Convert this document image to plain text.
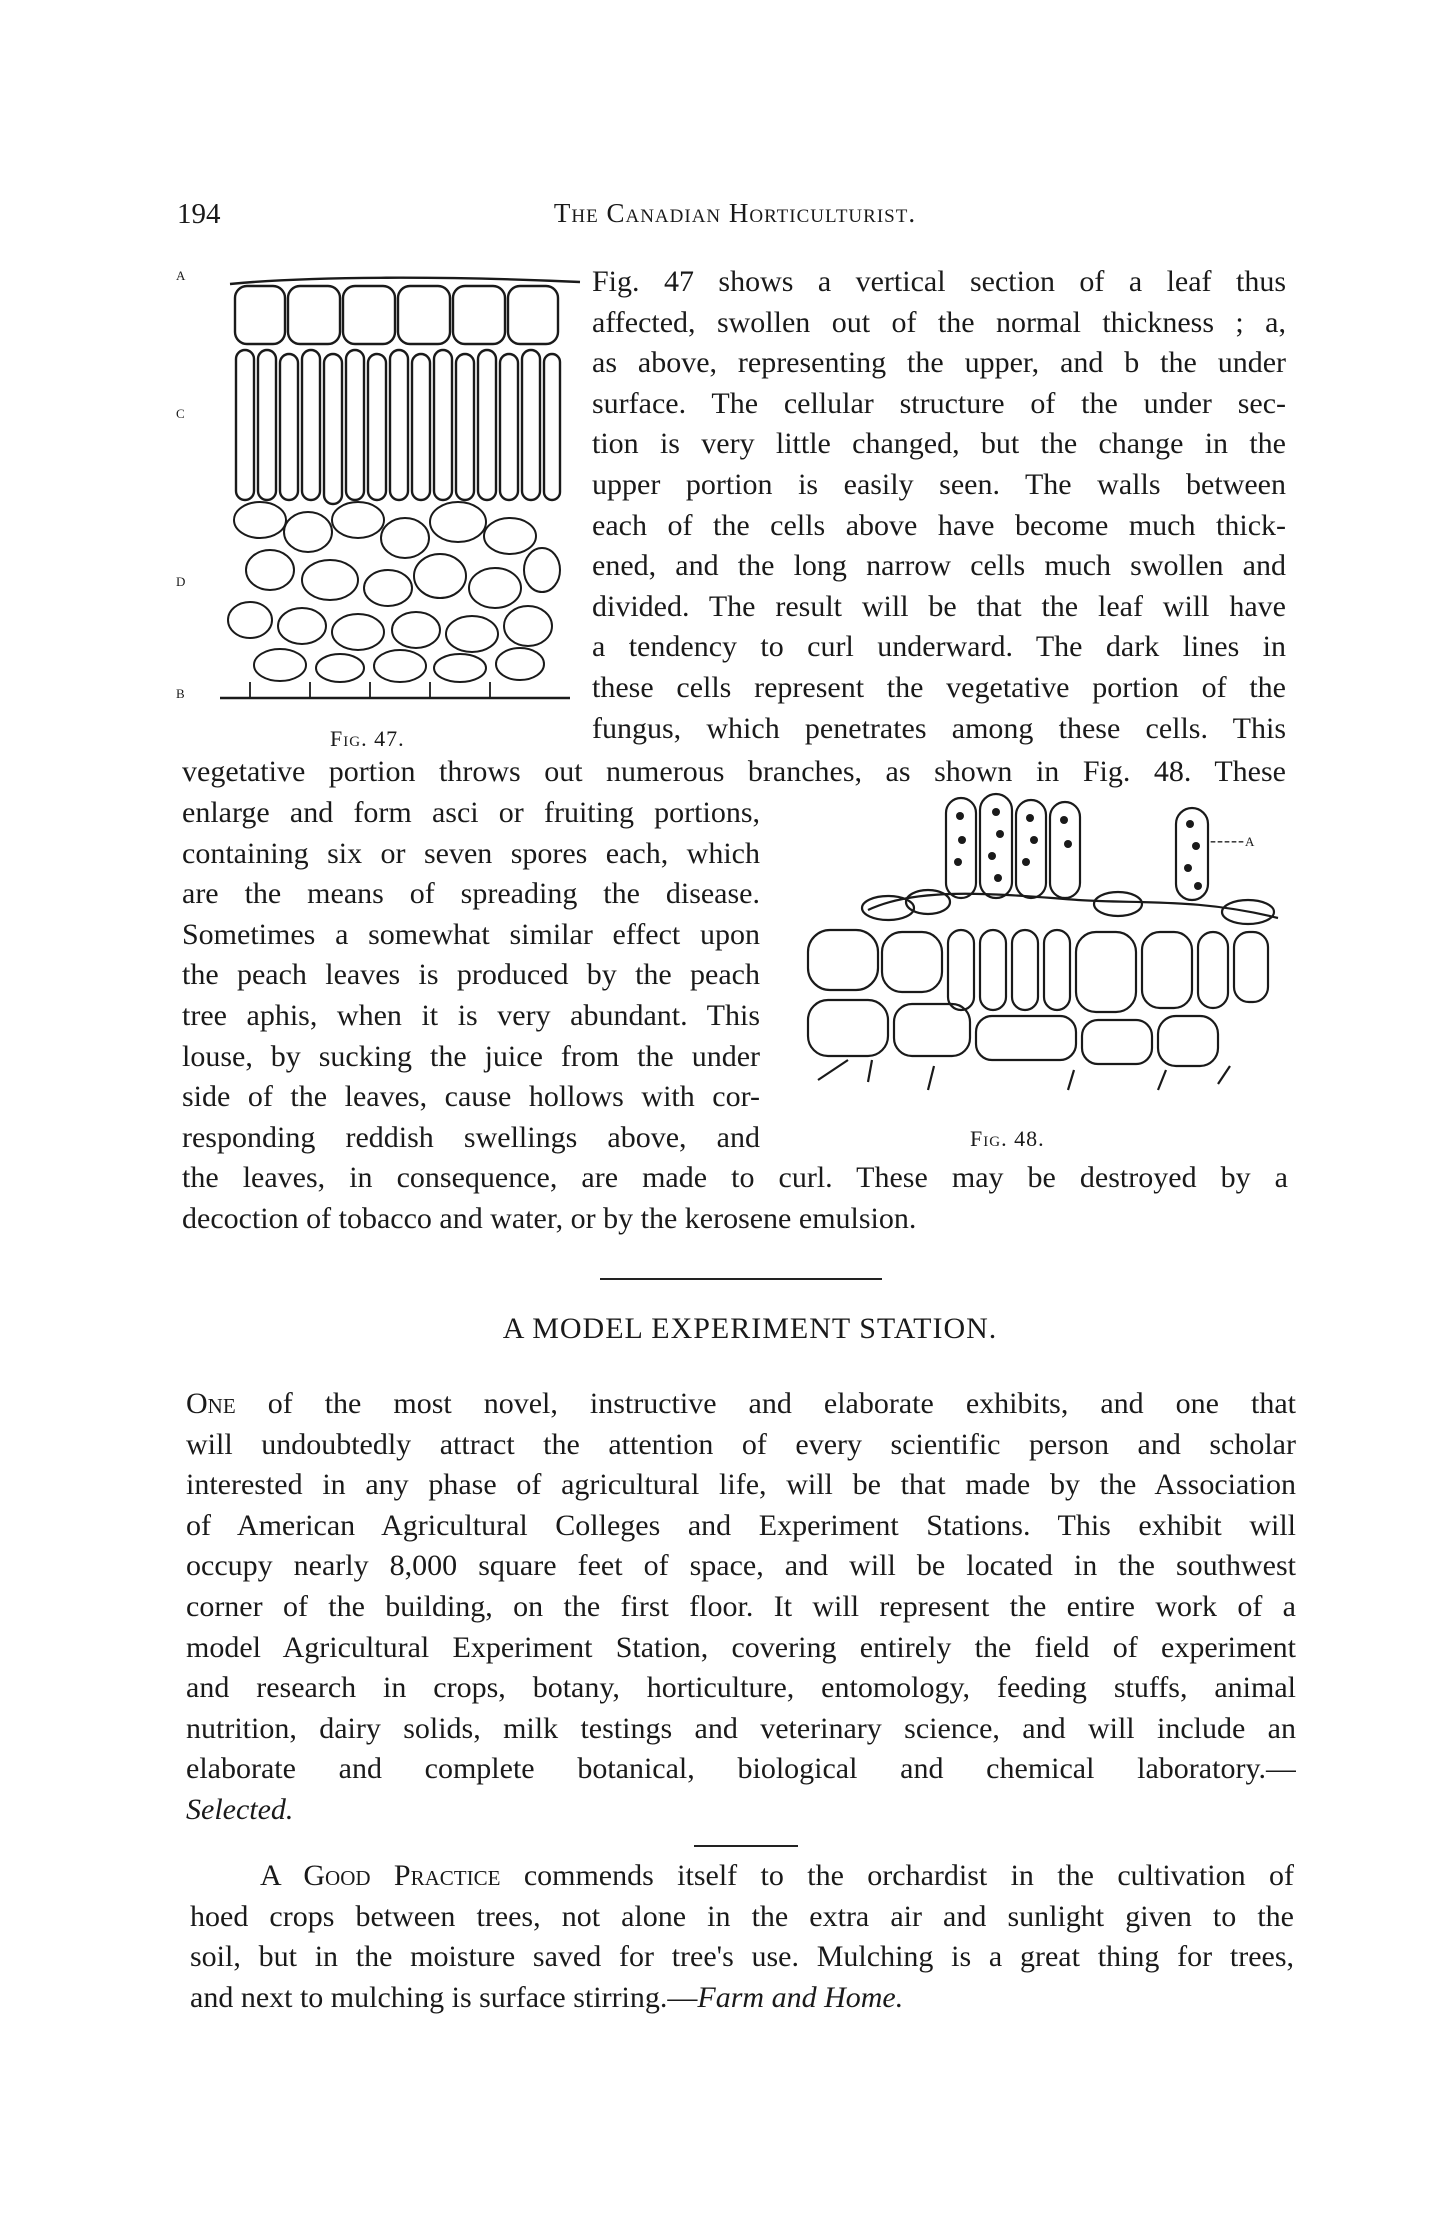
194	The Canadian Horticulturist.
a
c
d
b
Fig. 47.
Fig. 47 shows a vertical section of a leaf thus
affected, swollen out of the normal thickness ; a,
as above, representing the upper, and b the under
surface. The cellular structure of the under sec-
tion is very little changed, but the change in the
upper portion is easily seen. The walls between
each of the cells above have become much thick-
ened, and the long narrow cells much swollen and
divided. The result will be that the leaf will have
a tendency to curl underward. The dark lines in
these cells represent the vegetative portion of the
fungus, which penetrates among these cells. This
vegetative portion throws out numerous branches, as shown in Fig. 48. These
-----a
Fig. 48.
enlarge and form asci or fruiting portions,
containing six or seven spores each, which
are the means of spreading the disease.
Sometimes a somewhat similar effect upon
the peach leaves is produced by the peach
tree aphis, when it is very abundant. This
louse, by sucking the juice from the under
side of the leaves, cause hollows with cor-
responding reddish swellings above, and
the leaves, in consequence, are made to curl. These may be destroyed by a
decoction of tobacco and water, or by the kerosene emulsion.
A MODEL EXPERIMENT STATION.
One of the most novel, instructive and elaborate exhibits, and one that
will undoubtedly attract the attention of every scientific person and scholar
interested in any phase of agricultural life, will be that made by the Association
of American Agricultural Colleges and Experiment Stations. This exhibit will
occupy nearly 8,000 square feet of space, and will be located in the southwest
corner of the building, on the first floor. It will represent the entire work of a
model Agricultural Experiment Station, covering entirely the field of experiment
and research in crops, botany, horticulture, entomology, feeding stuffs, animal
nutrition, dairy solids, milk testings and veterinary science, and will include an
elaborate and complete botanical, biological and chemical laboratory.—
Selected.
A Good Practice commends itself to the orchardist in the cultivation of
hoed crops between trees, not alone in the extra air and sunlight given to the
soil, but in the moisture saved for tree's use. Mulching is a great thing for trees,
and next to mulching is surface stirring.—Farm and Home.
